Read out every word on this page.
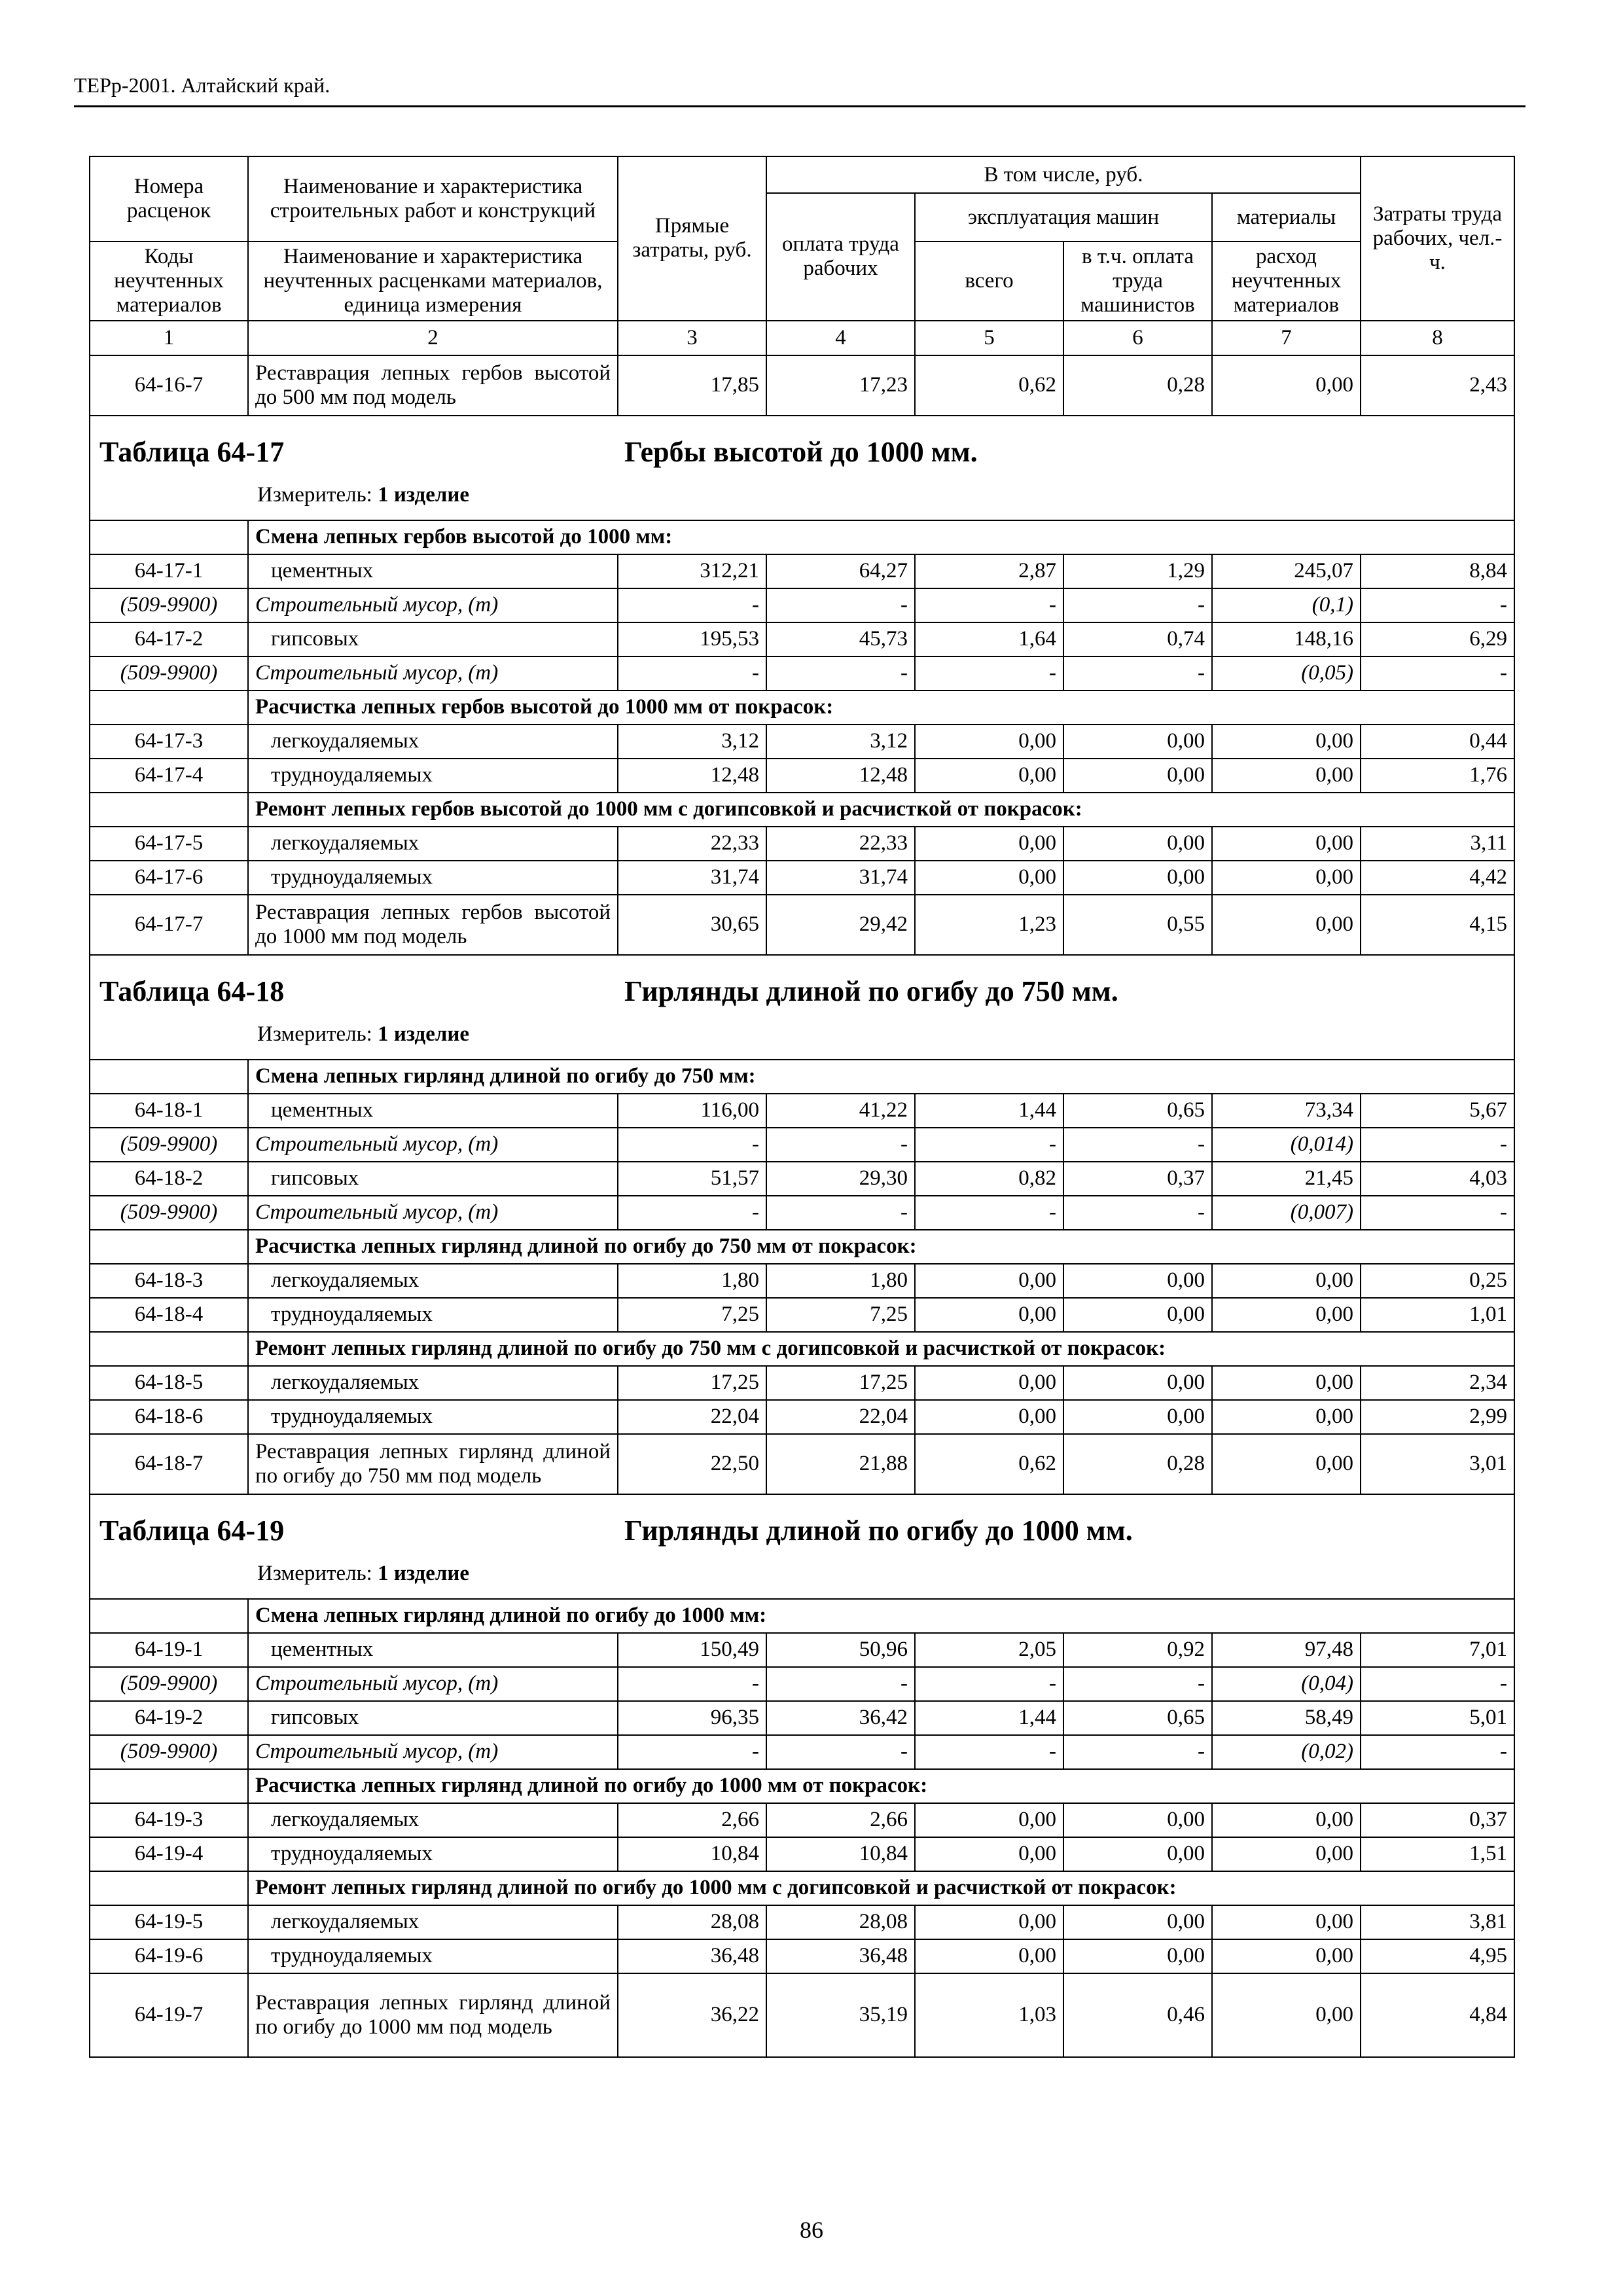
ТЕРр-2001. Алтайский край.
Номера расценок	Наименование и характеристика строительных работ и конструкций	Прямые затраты, руб.	В том числе, руб.				Затраты труда рабочих, чел.-ч.
			оплата труда рабочих	эксплуатация машин		материалы	
Коды неучтенных материалов	Наименование и характеристика неучтенных расценками материалов, единица измерения			всего	в т.ч. оплата труда машинистов	расход неучтенных материалов	
1	2	3	4	5	6	7	8
64-16-7	Реставрация лепных гербов высотой до 500 мм под модель	17,85	17,23	0,62	0,28	0,00	2,43

Таблица 64-17 Гербы высотой до 1000 мм.
Измеритель: 1 изделие							

	Смена лепных гербов высотой до 1000 мм:						
64-17-1	цементных	312,21	64,27	2,87	1,29	245,07	8,84
(509-9900)	Строительный мусор, (т)	-	-	-	-	(0,1)	-
64-17-2	гипсовых	195,53	45,73	1,64	0,74	148,16	6,29
(509-9900)	Строительный мусор, (т)	-	-	-	-	(0,05)	-
	Расчистка лепных гербов высотой до 1000 мм от покрасок:						
64-17-3	легкоудаляемых	3,12	3,12	0,00	0,00	0,00	0,44
64-17-4	трудноудаляемых	12,48	12,48	0,00	0,00	0,00	1,76
	Ремонт лепных гербов высотой до 1000 мм с догипсовкой и расчисткой от покрасок:						
64-17-5	легкоудаляемых	22,33	22,33	0,00	0,00	0,00	3,11
64-17-6	трудноудаляемых	31,74	31,74	0,00	0,00	0,00	4,42
64-17-7	Реставрация лепных гербов высотой до 1000 мм под модель	30,65	29,42	1,23	0,55	0,00	4,15

Таблица 64-18 Гирлянды длиной по огибу до 750 мм.
Измеритель: 1 изделие							

	Смена лепных гирлянд длиной по огибу до 750 мм:						
64-18-1	цементных	116,00	41,22	1,44	0,65	73,34	5,67
(509-9900)	Строительный мусор, (т)	-	-	-	-	(0,014)	-
64-18-2	гипсовых	51,57	29,30	0,82	0,37	21,45	4,03
(509-9900)	Строительный мусор, (т)	-	-	-	-	(0,007)	-
	Расчистка лепных гирлянд длиной по огибу до 750 мм от покрасок:						
64-18-3	легкоудаляемых	1,80	1,80	0,00	0,00	0,00	0,25
64-18-4	трудноудаляемых	7,25	7,25	0,00	0,00	0,00	1,01
	Ремонт лепных гирлянд длиной по огибу до 750 мм с догипсовкой и расчисткой от покрасок:						
64-18-5	легкоудаляемых	17,25	17,25	0,00	0,00	0,00	2,34
64-18-6	трудноудаляемых	22,04	22,04	0,00	0,00	0,00	2,99
64-18-7	Реставрация лепных гирлянд длиной по огибу до 750 мм под модель	22,50	21,88	0,62	0,28	0,00	3,01

Таблица 64-19 Гирлянды длиной по огибу до 1000 мм.
Измеритель: 1 изделие							

	Смена лепных гирлянд длиной по огибу до 1000 мм:						
64-19-1	цементных	150,49	50,96	2,05	0,92	97,48	7,01
(509-9900)	Строительный мусор, (т)	-	-	-	-	(0,04)	-
64-19-2	гипсовых	96,35	36,42	1,44	0,65	58,49	5,01
(509-9900)	Строительный мусор, (т)	-	-	-	-	(0,02)	-
	Расчистка лепных гирлянд длиной по огибу до 1000 мм от покрасок:						
64-19-3	легкоудаляемых	2,66	2,66	0,00	0,00	0,00	0,37
64-19-4	трудноудаляемых	10,84	10,84	0,00	0,00	0,00	1,51
	Ремонт лепных гирлянд длиной по огибу до 1000 мм с догипсовкой и расчисткой от покрасок:						
64-19-5	легкоудаляемых	28,08	28,08	0,00	0,00	0,00	3,81
64-19-6	трудноудаляемых	36,48	36,48	0,00	0,00	0,00	4,95
64-19-7	Реставрация лепных гирлянд длиной по огибу до 1000 мм под модель	36,22	35,19	1,03	0,46	0,00	4,84
86
